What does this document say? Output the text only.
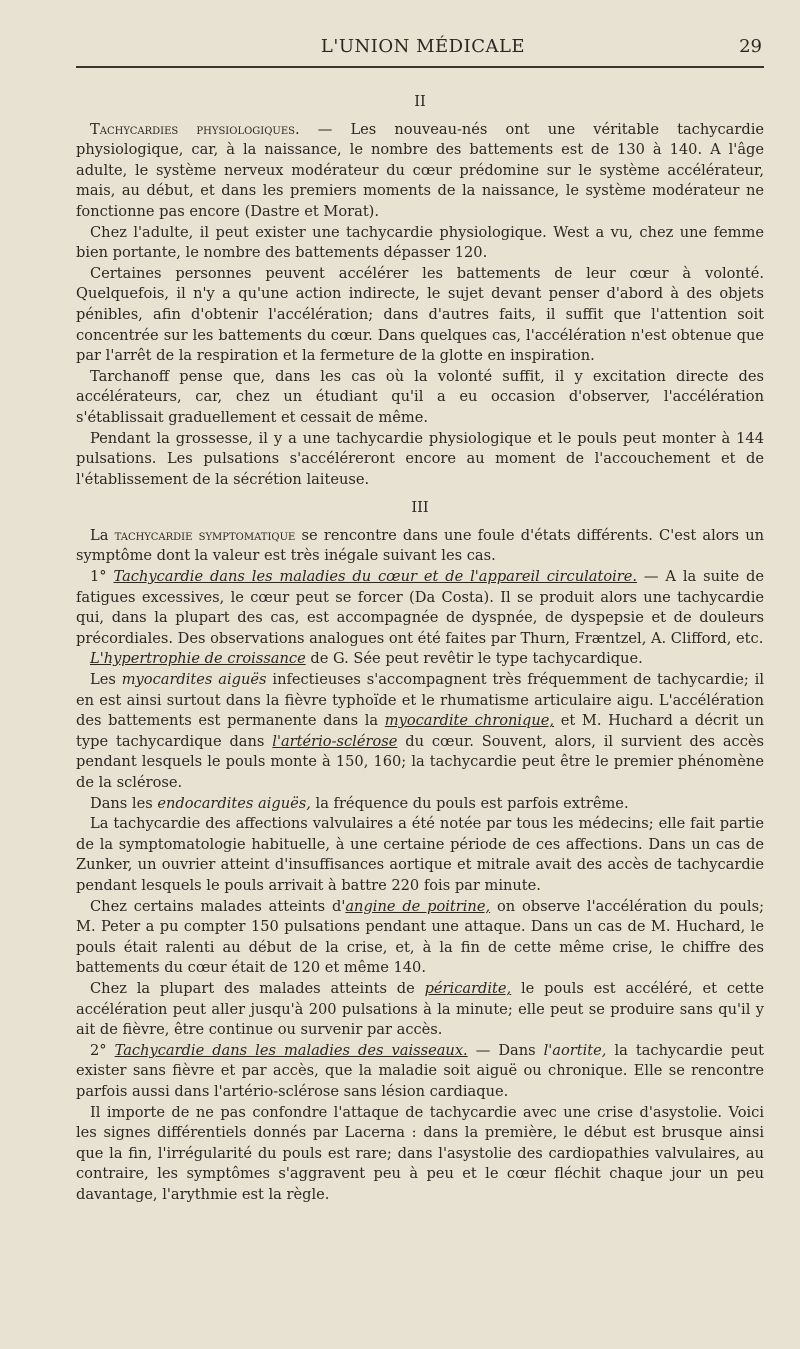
L'UNION MÉDICALE	29
II

Tachycardies physiologiques. — Les nouveau-nés ont une véritable tachycardie physiologique, car, à la naissance, le nombre des battements est de 130 à 140. A l'âge adulte, le système nerveux modérateur du cœur prédomine sur le système accélérateur, mais, au début, et dans les premiers moments de la naissance, le système modérateur ne fonctionne pas encore (Dastre et Morat).

Chez l'adulte, il peut exister une tachycardie physiologique. West a vu, chez une femme bien portante, le nombre des battements dépasser 120.

Certaines personnes peuvent accélérer les battements de leur cœur à volonté. Quelquefois, il n'y a qu'une action indirecte, le sujet devant penser d'abord à des objets pénibles, afin d'obtenir l'accélération; dans d'autres faits, il suffit que l'attention soit concentrée sur les battements du cœur. Dans quelques cas, l'accélération n'est obtenue que par l'arrêt de la respiration et la fermeture de la glotte en inspiration.

Tarchanoff pense que, dans les cas où la volonté suffit, il y excitation directe des accélérateurs, car, chez un étudiant qu'il a eu occasion d'observer, l'accélération s'établissait graduellement et cessait de même.

Pendant la grossesse, il y a une tachycardie physiologique et le pouls peut monter à 144 pulsations. Les pulsations s'accéléreront encore au moment de l'accouchement et de l'établissement de la sécrétion laiteuse.

III

La tachycardie symptomatique se rencontre dans une foule d'états différents. C'est alors un symptôme dont la valeur est très inégale suivant les cas.

1° Tachycardie dans les maladies du cœur et de l'appareil circulatoire. — A la suite de fatigues excessives, le cœur peut se forcer (Da Costa). Il se produit alors une tachycardie qui, dans la plupart des cas, est accompagnée de dyspnée, de dyspepsie et de douleurs précordiales. Des observations analogues ont été faites par Thurn, Fræntzel, A. Clifford, etc.

L'hypertrophie de croissance de G. Sée peut revêtir le type tachycardique.

Les myocardites aiguës infectieuses s'accompagnent très fréquemment de tachycardie; il en est ainsi surtout dans la fièvre typhoïde et le rhumatisme articulaire aigu. L'accélération des battements est permanente dans la myocardite chronique, et M. Huchard a décrit un type tachycardique dans l'artério-sclérose du cœur. Souvent, alors, il survient des accès pendant lesquels le pouls monte à 150, 160; la tachycardie peut être le premier phénomène de la sclérose.

Dans les endocardites aiguës, la fréquence du pouls est parfois extrême.

La tachycardie des affections valvulaires a été notée par tous les médecins; elle fait partie de la symptomatologie habituelle, à une certaine période de ces affections. Dans un cas de Zunker, un ouvrier atteint d'insuffisances aortique et mitrale avait des accès de tachycardie pendant lesquels le pouls arrivait à battre 220 fois par minute.

Chez certains malades atteints d'angine de poitrine, on observe l'accélération du pouls; M. Peter a pu compter 150 pulsations pendant une attaque. Dans un cas de M. Huchard, le pouls était ralenti au début de la crise, et, à la fin de cette même crise, le chiffre des battements du cœur était de 120 et même 140.

Chez la plupart des malades atteints de péricardite, le pouls est accéléré, et cette accélération peut aller jusqu'à 200 pulsations à la minute; elle peut se produire sans qu'il y ait de fièvre, être continue ou survenir par accès.

2° Tachycardie dans les maladies des vaisseaux. — Dans l'aortite, la tachycardie peut exister sans fièvre et par accès, que la maladie soit aiguë ou chronique. Elle se rencontre parfois aussi dans l'artério-sclérose sans lésion cardiaque.

Il importe de ne pas confondre l'attaque de tachycardie avec une crise d'asystolie. Voici les signes différentiels donnés par Lacerna : dans la première, le début est brusque ainsi que la fin, l'irrégularité du pouls est rare; dans l'asystolie des cardiopathies valvulaires, au contraire, les symptômes s'aggravent peu à peu et le cœur fléchit chaque jour un peu davantage, l'arythmie est la règle.
